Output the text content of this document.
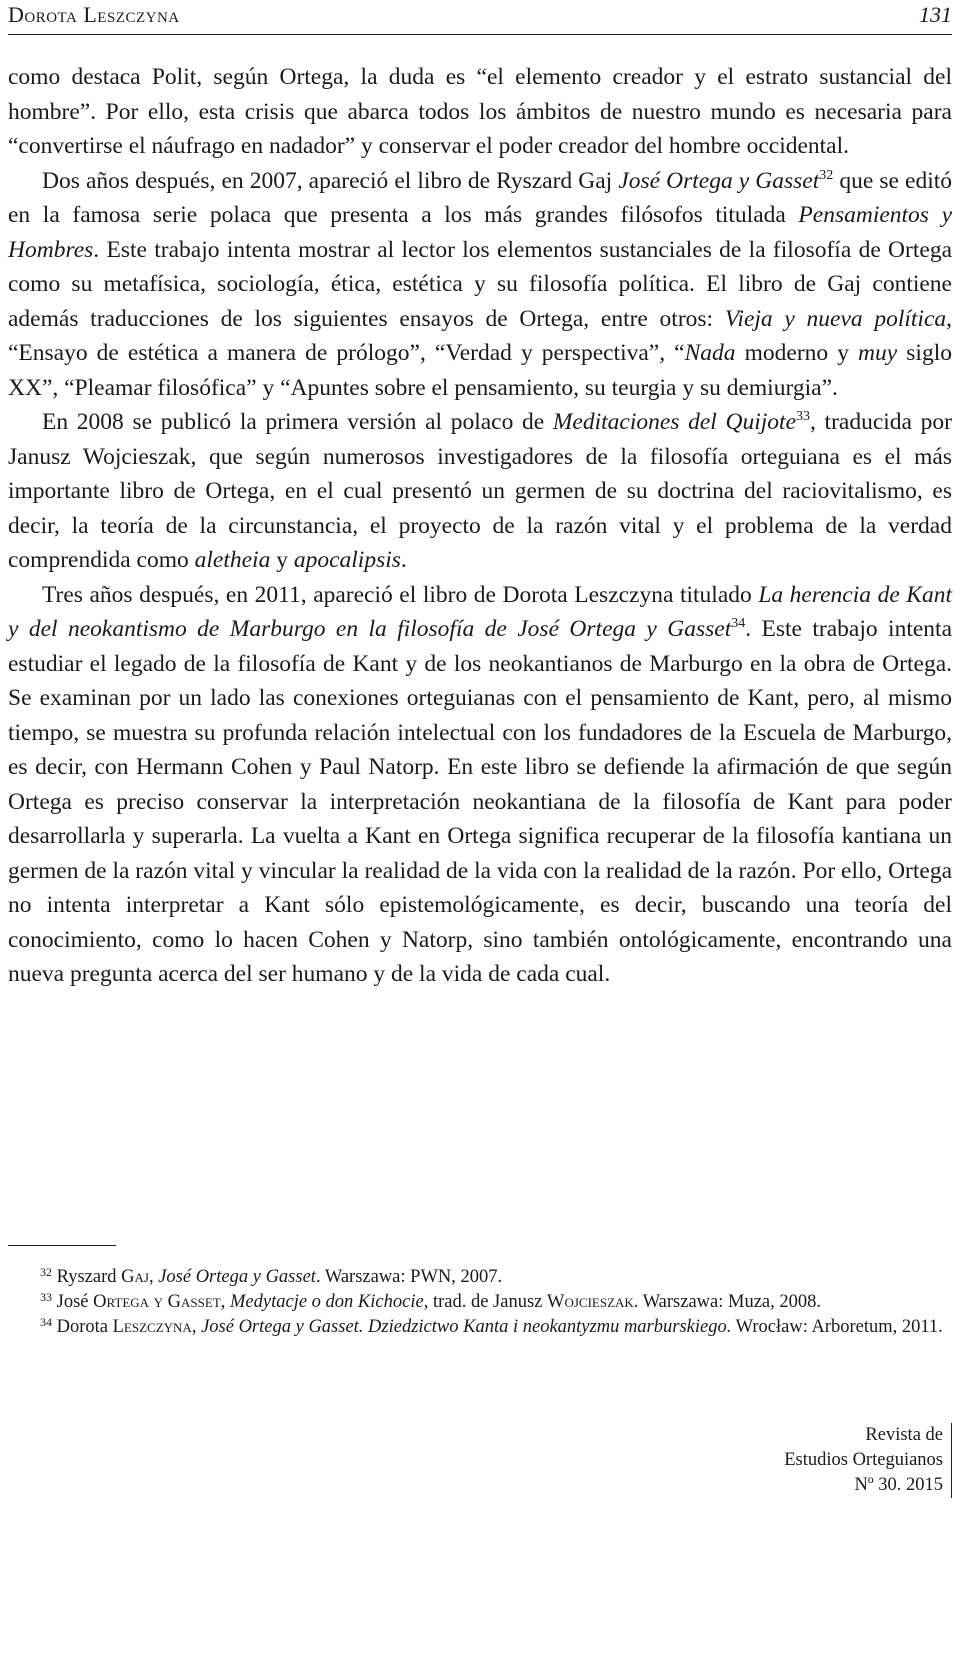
Dorota Leszczyna	131

como destaca Polit, según Ortega, la duda es “el elemento creador y el estrato sustancial del hombre”. Por ello, esta crisis que abarca todos los ámbitos de nuestro mundo es necesaria para “convertirse el náufrago en nadador” y conservar el poder creador del hombre occidental.

Dos años después, en 2007, apareció el libro de Ryszard Gaj José Ortega y Gasset$^{32}$ que se editó en la famosa serie polaca que presenta a los más grandes filósofos titulada Pensamientos y Hombres. Este trabajo intenta mostrar al lector los elementos sustanciales de la filosofía de Ortega como su metafísica, sociología, ética, estética y su filosofía política. El libro de Gaj contiene además traducciones de los siguientes ensayos de Ortega, entre otros: Vieja y nueva política, “Ensayo de estética a manera de prólogo”, “Verdad y perspectiva”, “Nada moderno y muy siglo XX”, “Pleamar filosófica” y “Apuntes sobre el pensamiento, su teurgia y su demiurgia”.

En 2008 se publicó la primera versión al polaco de Meditaciones del Quijote$^{33}$, traducida por Janusz Wojcieszak, que según numerosos investigadores de la filosofía orteguiana es el más importante libro de Ortega, en el cual presentó un germen de su doctrina del raciovitalismo, es decir, la teoría de la circunstancia, el proyecto de la razón vital y el problema de la verdad comprendida como aletheia y apocalipsis.

Tres años después, en 2011, apareció el libro de Dorota Leszczyna titulado La herencia de Kant y del neokantismo de Marburgo en la filosofía de José Ortega y Gasset$^{34}$. Este trabajo intenta estudiar el legado de la filosofía de Kant y de los neokantianos de Marburgo en la obra de Ortega. Se examinan por un lado las conexiones orteguianas con el pensamiento de Kant, pero, al mismo tiempo, se muestra su profunda relación intelectual con los fundadores de la Escuela de Marburgo, es decir, con Hermann Cohen y Paul Natorp. En este libro se defiende la afirmación de que según Ortega es preciso conservar la interpretación neokantiana de la filosofía de Kant para poder desarrollarla y superarla. La vuelta a Kant en Ortega significa recuperar de la filosofía kantiana un germen de la razón vital y vincular la realidad de la vida con la realidad de la razón. Por ello, Ortega no intenta interpretar a Kant sólo epistemológicamente, es decir, buscando una teoría del conocimiento, como lo hacen Cohen y Natorp, sino también ontológicamente, encontrando una nueva pregunta acerca del ser humano y de la vida de cada cual.

$^{32}$ Ryszard Gaj, José Ortega y Gasset. Warszawa: PWN, 2007.

$^{33}$ José Ortega y Gasset, Medytacje o don Kichocie, trad. de Janusz Wojcieszak. Warszawa: Muza, 2008.

$^{34}$ Dorota Leszczyna, José Ortega y Gasset. Dziedzictwo Kanta i neokantyzmu marburskiego. Wrocław: Arboretum, 2011.

Revista de
Estudios Orteguianos
Nº 30. 2015
